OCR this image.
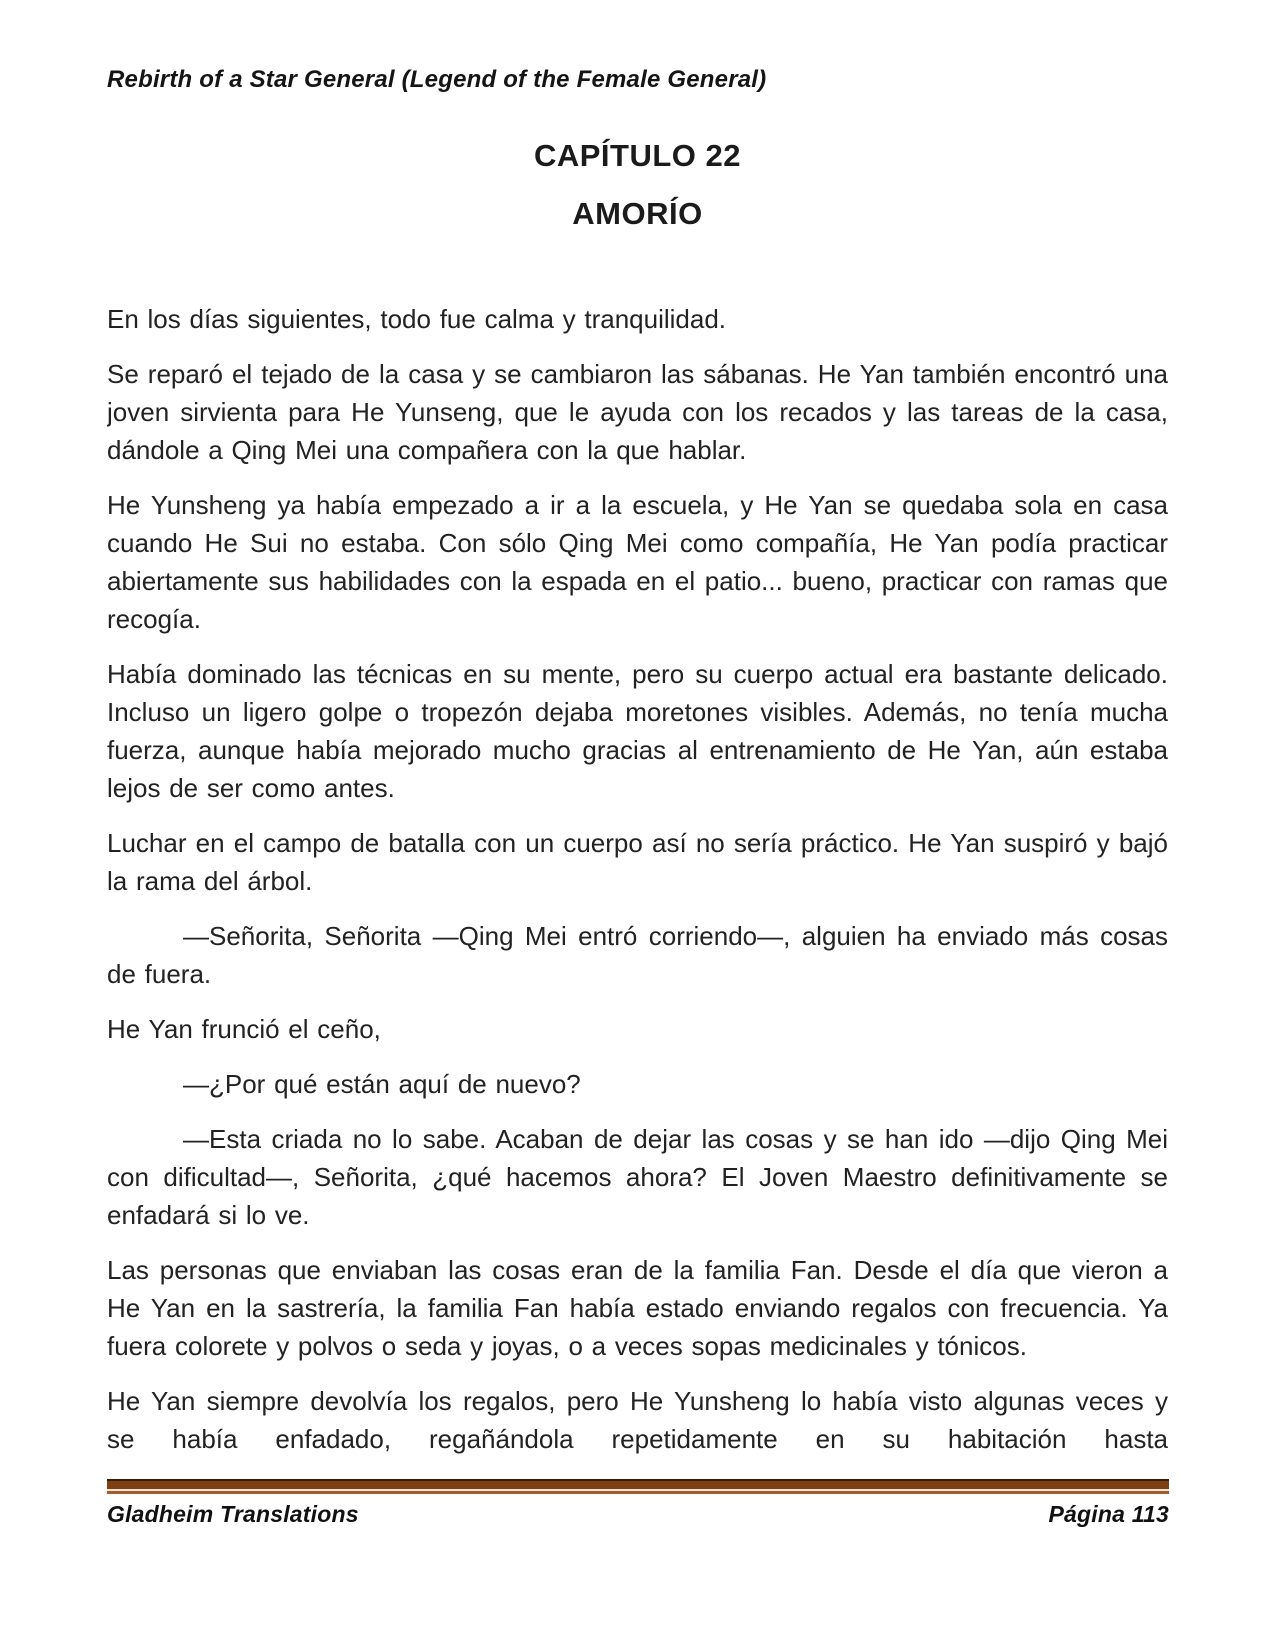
Rebirth of a Star General (Legend of the Female General)
CAPÍTULO 22
AMORÍO

En los días siguientes, todo fue calma y tranquilidad.

Se reparó el tejado de la casa y se cambiaron las sábanas. He Yan también encontró una joven sirvienta para He Yunseng, que le ayuda con los recados y las tareas de la casa, dándole a Qing Mei una compañera con la que hablar.

He Yunsheng ya había empezado a ir a la escuela, y He Yan se quedaba sola en casa cuando He Sui no estaba. Con sólo Qing Mei como compañía, He Yan podía practicar abiertamente sus habilidades con la espada en el patio... bueno, practicar con ramas que recogía.

Había dominado las técnicas en su mente, pero su cuerpo actual era bastante delicado. Incluso un ligero golpe o tropezón dejaba moretones visibles. Además, no tenía mucha fuerza, aunque había mejorado mucho gracias al entrenamiento de He Yan, aún estaba lejos de ser como antes.

Luchar en el campo de batalla con un cuerpo así no sería práctico. He Yan suspiró y bajó la rama del árbol.

—Señorita, Señorita —Qing Mei entró corriendo—, alguien ha enviado más cosas de fuera.

He Yan frunció el ceño,

—¿Por qué están aquí de nuevo?

—Esta criada no lo sabe. Acaban de dejar las cosas y se han ido —dijo Qing Mei con dificultad—, Señorita, ¿qué hacemos ahora? El Joven Maestro definitivamente se enfadará si lo ve.

Las personas que enviaban las cosas eran de la familia Fan. Desde el día que vieron a He Yan en la sastrería, la familia Fan había estado enviando regalos con frecuencia. Ya fuera colorete y polvos o seda y joyas, o a veces sopas medicinales y tónicos.

He Yan siempre devolvía los regalos, pero He Yunsheng lo había visto algunas veces y se había enfadado, regañándola repetidamente en su habitación hasta

Gladheim Translations	Página 113
